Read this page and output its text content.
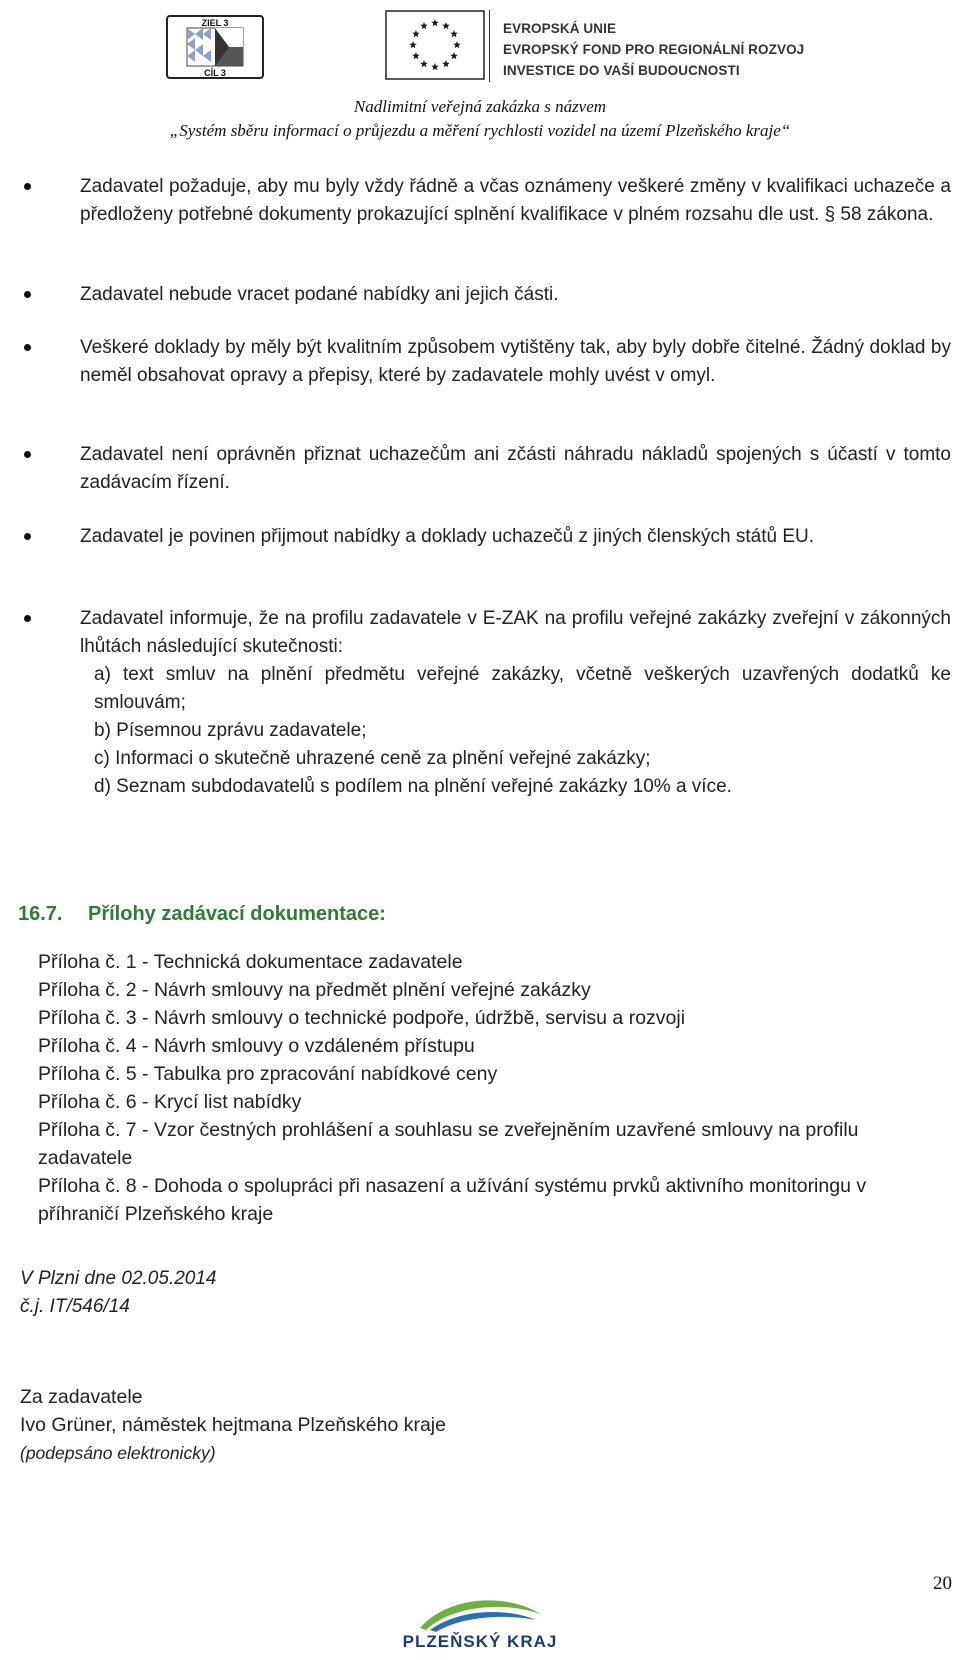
ZIEL 3
CÍL 3
EVROPSKÁ UNIE
EVROPSKÝ FOND PRO REGIONÁLNÍ ROZVOJ
INVESTICE DO VAŠÍ BUDOUCNOSTI
Nadlimitní veřejná zakázka s názvem
„Systém sběru informací o průjezdu a měření rychlosti vozidel na území Plzeňského kraje“
Zadavatel požaduje, aby mu byly vždy řádně a včas oznámeny veškeré změny v kvalifikaci uchazeče a předloženy potřebné dokumenty prokazující splnění kvalifikace v plném rozsahu dle ust. § 58 zákona.
Zadavatel nebude vracet podané nabídky ani jejich části.
Veškeré doklady by měly být kvalitním způsobem vytištěny tak, aby byly dobře čitelné. Žádný doklad by neměl obsahovat opravy a přepisy, které by zadavatele mohly uvést v omyl.
Zadavatel není oprávněn přiznat uchazečům ani zčásti náhradu nákladů spojených s účastí v tomto zadávacím řízení.
Zadavatel je povinen přijmout nabídky a doklady uchazečů z jiných členských států EU.
Zadavatel informuje, že na profilu zadavatele v E-ZAK na profilu veřejné zakázky zveřejní v zákonných lhůtách následující skutečnosti:
a) text smluv na plnění předmětu veřejné zakázky, včetně veškerých uzavřených dodatků ke smlouvám;
b) Písemnou zprávu zadavatele;
c) Informaci o skutečně uhrazené ceně za plnění veřejné zakázky;
d) Seznam subdodavatelů s podílem na plnění veřejné zakázky 10% a více.
16.7. Přílohy zadávací dokumentace:
Příloha č. 1 - Technická dokumentace zadavatele
Příloha č. 2 - Návrh smlouvy na předmět plnění veřejné zakázky
Příloha č. 3 - Návrh smlouvy o technické podpoře, údržbě, servisu a rozvoji
Příloha č. 4 - Návrh smlouvy o vzdáleném přístupu
Příloha č. 5 - Tabulka pro zpracování nabídkové ceny
Příloha č. 6 - Krycí list nabídky
Příloha č. 7 - Vzor čestných prohlášení a souhlasu se zveřejněním uzavřené smlouvy na profilu zadavatele
Příloha č. 8 - Dohoda o spolupráci při nasazení a užívání systému prvků aktivního monitoringu v příhraničí Plzeňského kraje
V Plzni dne 02.05.2014
č.j. IT/546/14
Za zadavatele
Ivo Grüner, náměstek hejtmana Plzeňského kraje
(podepsáno elektronicky)
20
PLZEŇSKÝ KRAJ
